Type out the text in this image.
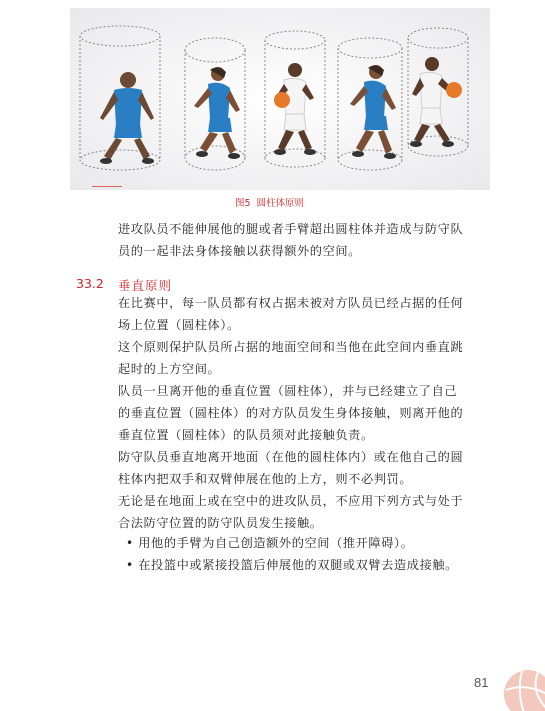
图5 圆柱体原则
进攻队员不能伸展他的腿或者手臂超出圆柱体并造成与防守队
员的一起非法身体接触以获得额外的空间。
33.2 垂直原则
在比赛中，每一队员都有权占据未被对方队员已经占据的任何
场上位置（圆柱体）。
这个原则保护队员所占据的地面空间和当他在此空间内垂直跳
起时的上方空间。
队员一旦离开他的垂直位置（圆柱体），并与已经建立了自己
的垂直位置（圆柱体）的对方队员发生身体接触，则离开他的
垂直位置（圆柱体）的队员须对此接触负责。
防守队员垂直地离开地面（在他的圆柱体内）或在他自己的圆
柱体内把双手和双臂伸展在他的上方，则不必判罚。
无论是在地面上或在空中的进攻队员，不应用下列方式与处于
合法防守位置的防守队员发生接触。
• 用他的手臂为自己创造额外的空间（推开障碍）。
• 在投篮中或紧接投篮后伸展他的双腿或双臂去造成接触。
81
